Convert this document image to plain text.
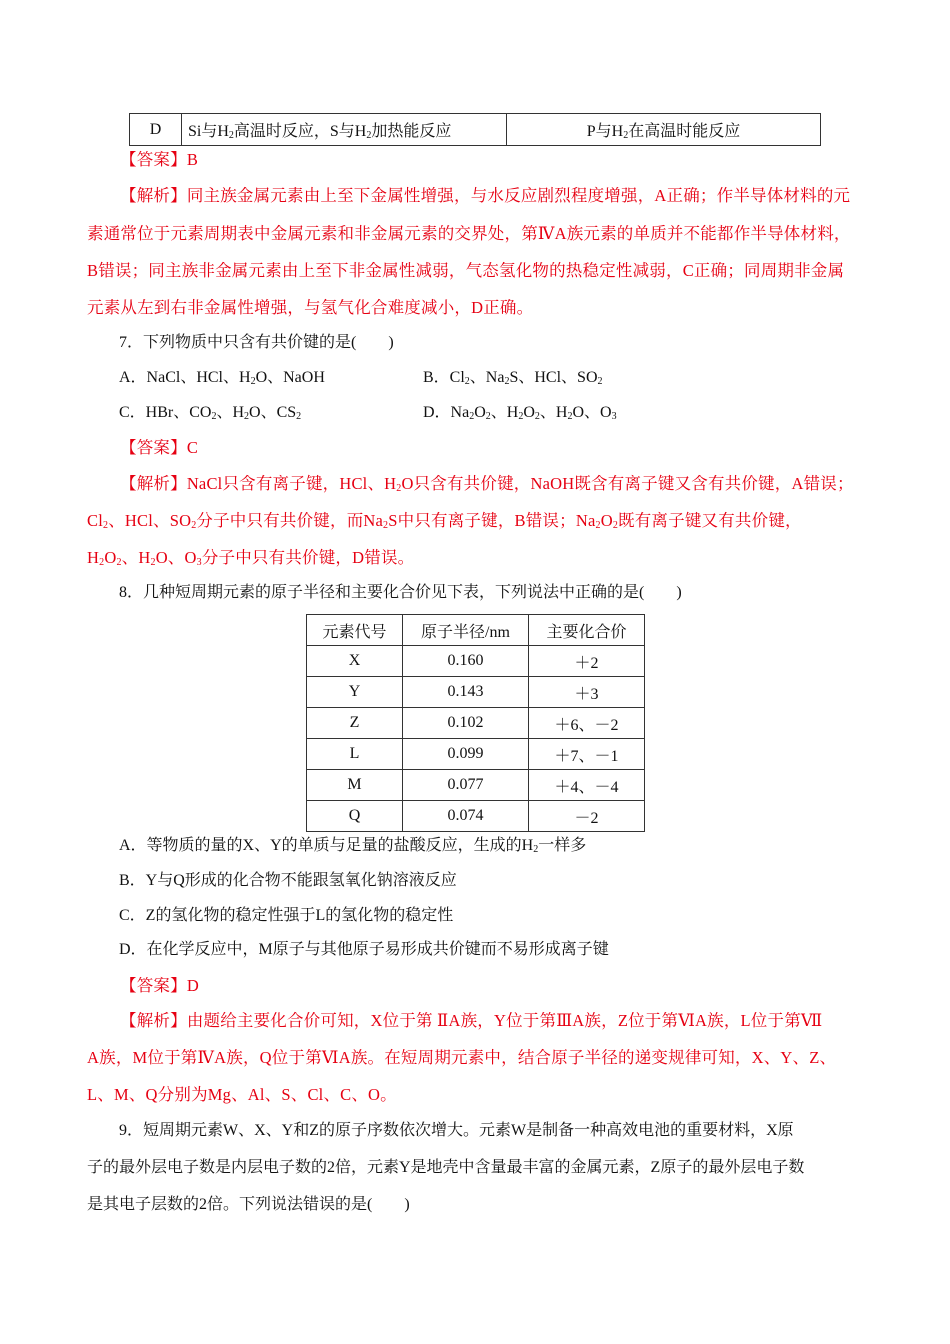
D	Si与$H_2$高温时反应，S与$H_2$加热能反应	P与$H_2$在高温时能反应
【答案】B
【解析】同主族金属元素由上至下金属性增强，与水反应剧烈程度增强，A正确；作半导体材料的元
素通常位于元素周期表中金属元素和非金属元素的交界处，第ⅣA族元素的单质并不能都作半导体材料，
B错误；同主族非金属元素由上至下非金属性减弱，气态氢化物的热稳定性减弱，C正确；同周期非金属
元素从左到右非金属性增强，与氢气化合难度减小，D正确。
7．下列物质中只含有共价键的是(　　)
A．NaCl、HCl、$H_2O$、NaOH	B．$Cl_2$、$Na_2S$、HCl、$SO_2$
C．HBr、$CO_2$、$H_2O$、$CS_2$	D．$Na_2O_2$、$H_2O_2$、$H_2O$、$O_3$
【答案】C
【解析】NaCl只含有离子键，HCl、$H_2O$只含有共价键，NaOH既含有离子键又含有共价键，A错误；
$Cl_2$、HCl、$SO_2$分子中只有共价键，而$Na_2S$中只有离子键，B错误；$Na_2O_2$既有离子键又有共价键，
$H_2O_2$、$H_2O$、$O_3$分子中只有共价键，D错误。
8．几种短周期元素的原子半径和主要化合价见下表，下列说法中正确的是(　　)
元素代号	原子半径/nm	主要化合价
X	0.160	＋2
Y	0.143	＋3
Z	0.102	＋6、－2
L	0.099	＋7、－1
M	0.077	＋4、－4
Q	0.074	－2
A．等物质的量的X、Y的单质与足量的盐酸反应，生成的$H_2$一样多
B．Y与Q形成的化合物不能跟氢氧化钠溶液反应
C．Z的氢化物的稳定性强于L的氢化物的稳定性
D．在化学反应中，M原子与其他原子易形成共价键而不易形成离子键
【答案】D
【解析】由题给主要化合价可知，X位于第 ⅡA族，Y位于第ⅢA族，Z位于第ⅥA族，L位于第Ⅶ
A族，M位于第ⅣA族，Q位于第ⅥA族。在短周期元素中，结合原子半径的递变规律可知，X、Y、Z、
L、M、Q分别为Mg、Al、S、Cl、C、O。
9．短周期元素W、X、Y和Z的原子序数依次增大。元素W是制备一种高效电池的重要材料，X原
子的最外层电子数是内层电子数的2倍，元素Y是地壳中含量最丰富的金属元素，Z原子的最外层电子数
是其电子层数的2倍。下列说法错误的是(　　)
